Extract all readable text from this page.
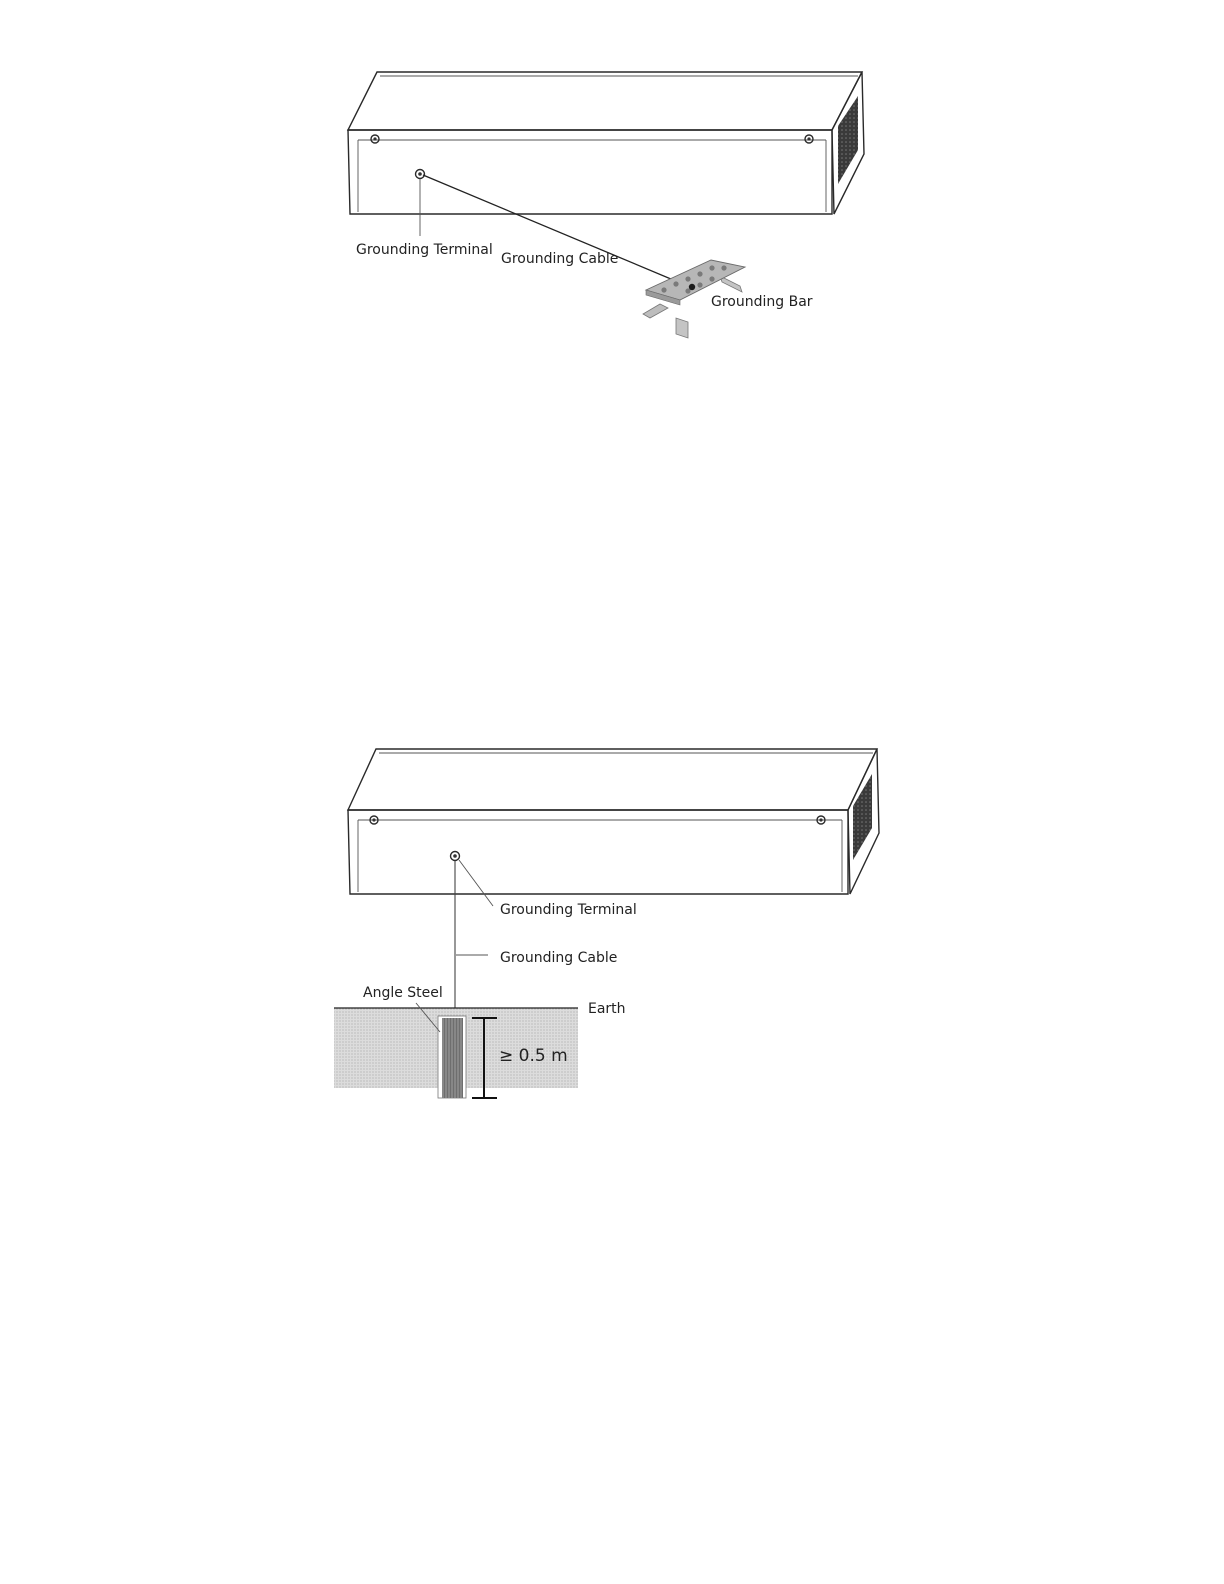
Grounding Terminal
Grounding Cable
Grounding Bar
Grounding Terminal
Grounding Cable
Angle Steel
Earth
≥ 0.5 m
